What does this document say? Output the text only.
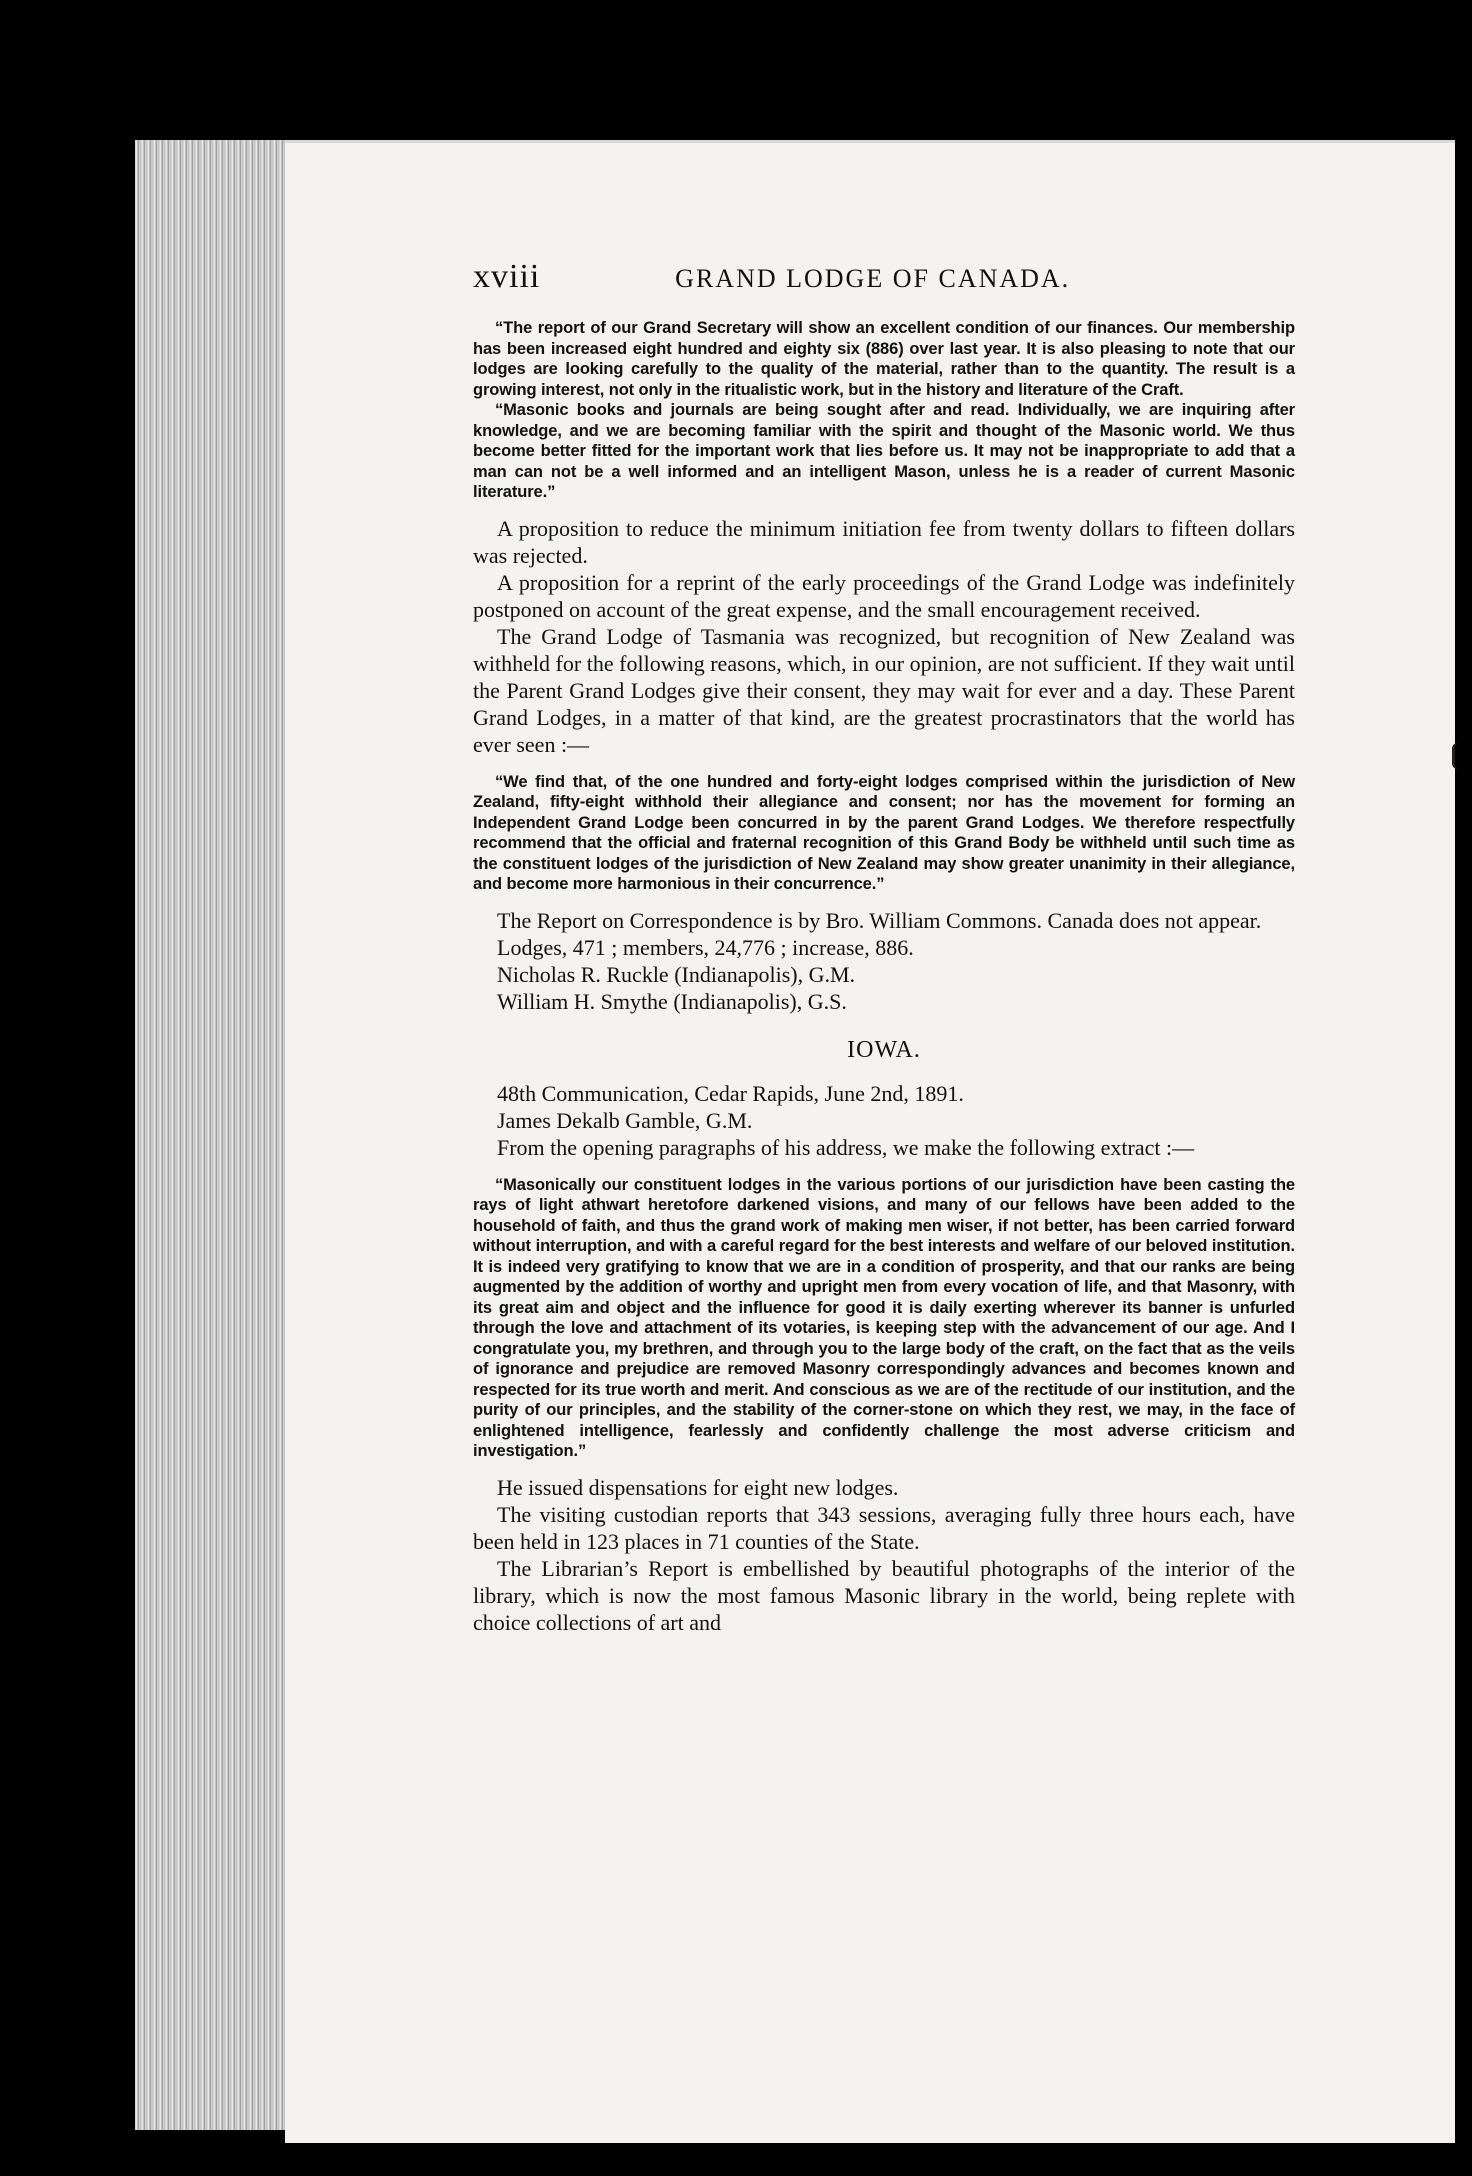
xviii	GRAND LODGE OF CANADA.

“The report of our Grand Secretary will show an excellent condition of our finances. Our membership has been increased eight hundred and eighty six (886) over last year. It is also pleasing to note that our lodges are looking carefully to the quality of the material, rather than to the quantity. The result is a growing interest, not only in the ritualistic work, but in the history and literature of the Craft.

“Masonic books and journals are being sought after and read. Individually, we are inquiring after knowledge, and we are becoming familiar with the spirit and thought of the Masonic world. We thus become better fitted for the important work that lies before us. It may not be inappropriate to add that a man can not be a well informed and an intelligent Mason, unless he is a reader of current Masonic literature.”

A proposition to reduce the minimum initiation fee from twenty dollars to fifteen dollars was rejected.

A proposition for a reprint of the early proceedings of the Grand Lodge was indefinitely postponed on account of the great expense, and the small encouragement received.

The Grand Lodge of Tasmania was recognized, but recognition of New Zealand was withheld for the following reasons, which, in our opinion, are not sufficient. If they wait until the Parent Grand Lodges give their consent, they may wait for ever and a day. These Parent Grand Lodges, in a matter of that kind, are the greatest procrastinators that the world has ever seen :—

“We find that, of the one hundred and forty-eight lodges comprised within the jurisdiction of New Zealand, fifty-eight withhold their allegiance and consent; nor has the movement for forming an Independent Grand Lodge been concurred in by the parent Grand Lodges. We therefore respectfully recommend that the official and fraternal recognition of this Grand Body be withheld until such time as the constituent lodges of the jurisdiction of New Zealand may show greater unanimity in their allegiance, and become more harmonious in their concurrence.”

The Report on Correspondence is by Bro. William Commons. Canada does not appear.

Lodges, 471 ; members, 24,776 ; increase, 886.

Nicholas R. Ruckle (Indianapolis), G.M.

William H. Smythe (Indianapolis), G.S.

IOWA.

48th Communication, Cedar Rapids, June 2nd, 1891.

James Dekalb Gamble, G.M.

From the opening paragraphs of his address, we make the following extract :—

“Masonically our constituent lodges in the various portions of our jurisdiction have been casting the rays of light athwart heretofore darkened visions, and many of our fellows have been added to the household of faith, and thus the grand work of making men wiser, if not better, has been carried forward without interruption, and with a careful regard for the best interests and welfare of our beloved institution. It is indeed very gratifying to know that we are in a condition of prosperity, and that our ranks are being augmented by the addition of worthy and upright men from every vocation of life, and that Masonry, with its great aim and object and the influence for good it is daily exerting wherever its banner is unfurled through the love and attachment of its votaries, is keeping step with the advancement of our age. And I congratulate you, my brethren, and through you to the large body of the craft, on the fact that as the veils of ignorance and prejudice are removed Masonry correspondingly advances and becomes known and respected for its true worth and merit. And conscious as we are of the rectitude of our institution, and the purity of our principles, and the stability of the corner-stone on which they rest, we may, in the face of enlightened intelligence, fearlessly and confidently challenge the most adverse criticism and investigation.”

He issued dispensations for eight new lodges.

The visiting custodian reports that 343 sessions, averaging fully three hours each, have been held in 123 places in 71 counties of the State.

The Librarian’s Report is embellished by beautiful photographs of the interior of the library, which is now the most famous Masonic library in the world, being replete with choice collections of art and
